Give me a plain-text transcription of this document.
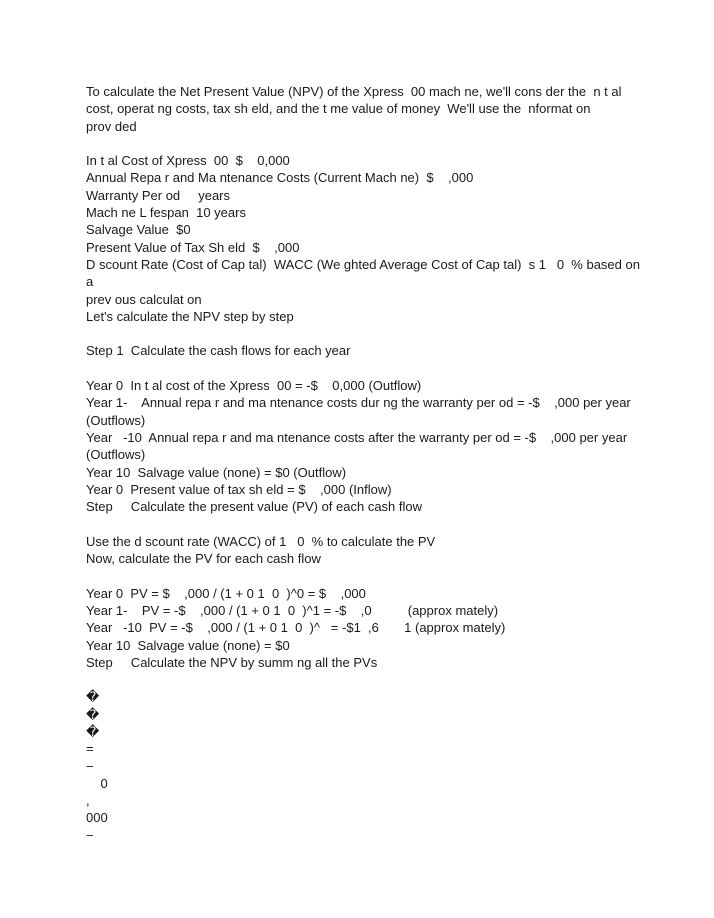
To calculate the Net Present Value (NPV) of the Xpress  00 mach ne, we'll cons der the  n t al

cost, operat ng costs, tax sh eld, and the t me value of money  We'll use the  nformat on

prov ded

In t al Cost of Xpress  00  $    0,000

Annual Repa r and Ma ntenance Costs (Current Mach ne)  $    ,000

Warranty Per od     years

Mach ne L fespan  10 years

Salvage Value  $0

Present Value of Tax Sh eld  $    ,000

D scount Rate (Cost of Cap tal)  WACC (We ghted Average Cost of Cap tal)  s 1   0  % based on a

prev ous calculat on

Let's calculate the NPV step by step

Step 1  Calculate the cash flows for each year

Year 0  In t al cost of the Xpress  00 = -$    0,000 (Outflow)

Year 1-    Annual repa r and ma ntenance costs dur ng the warranty per od = -$    ,000 per year

(Outflows)

Year   -10  Annual repa r and ma ntenance costs after the warranty per od = -$    ,000 per year

(Outflows)

Year 10  Salvage value (none) = $0 (Outflow)

Year 0  Present value of tax sh eld = $    ,000 (Inflow)

Step     Calculate the present value (PV) of each cash flow

Use the d scount rate (WACC) of 1   0  % to calculate the PV

Now, calculate the PV for each cash flow

Year 0  PV = $    ,000 / (1 + 0 1  0  )^0 = $    ,000

Year 1-    PV = -$    ,000 / (1 + 0 1  0  )^1 = -$    ,0          (approx mately)

Year   -10  PV = -$    ,000 / (1 + 0 1  0  )^   = -$1  ,6       1 (approx mately)

Year 10  Salvage value (none) = $0

Step     Calculate the NPV by summ ng all the PVs

�

�

�

=

−

0

,

000

−
